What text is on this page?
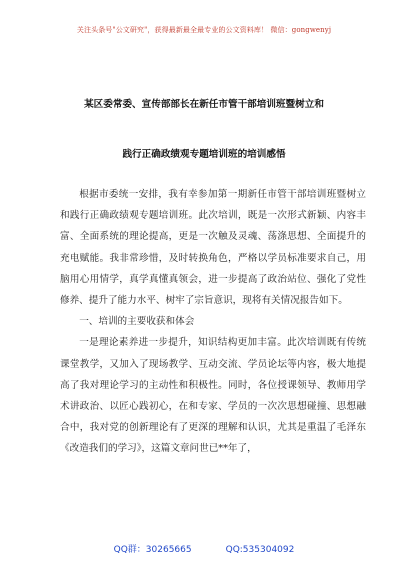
关注头条号"公文研究"，获得最新最全最专业的公文资料库！ 微信：gongwenyj
某区委常委、宣传部部长在新任市管干部培训班暨树立和
践行正确政绩观专题培训班的培训感悟

根据市委统一安排，我有幸参加第一期新任市管干部培训班暨树立和践行正确政绩观专题培训班。此次培训，既是一次形式新颖、内容丰富、全面系统的理论提高，更是一次触及灵魂、荡涤思想、全面提升的充电赋能。我非常珍惜，及时转换角色，严格以学员标准要求自己，用脑用心用情学，真学真懂真领会，进一步提高了政治站位、强化了党性修养、提升了能力水平、树牢了宗旨意识，现将有关情况报告如下。

一、培训的主要收获和体会

一是理论素养进一步提升，知识结构更加丰富。此次培训既有传统课堂教学，又加入了现场教学、互动交流、学员论坛等内容，极大地提高了我对理论学习的主动性和积极性。同时，各位授课领导、教师用学术讲政治、以匠心践初心，在和专家、学员的一次次思想碰撞、思想融合中，我对党的创新理论有了更深的理解和认识，尤其是重温了毛泽东《改造我们的学习》，这篇文章问世已**年了，

QQ群：30265665	QQ:535304092
